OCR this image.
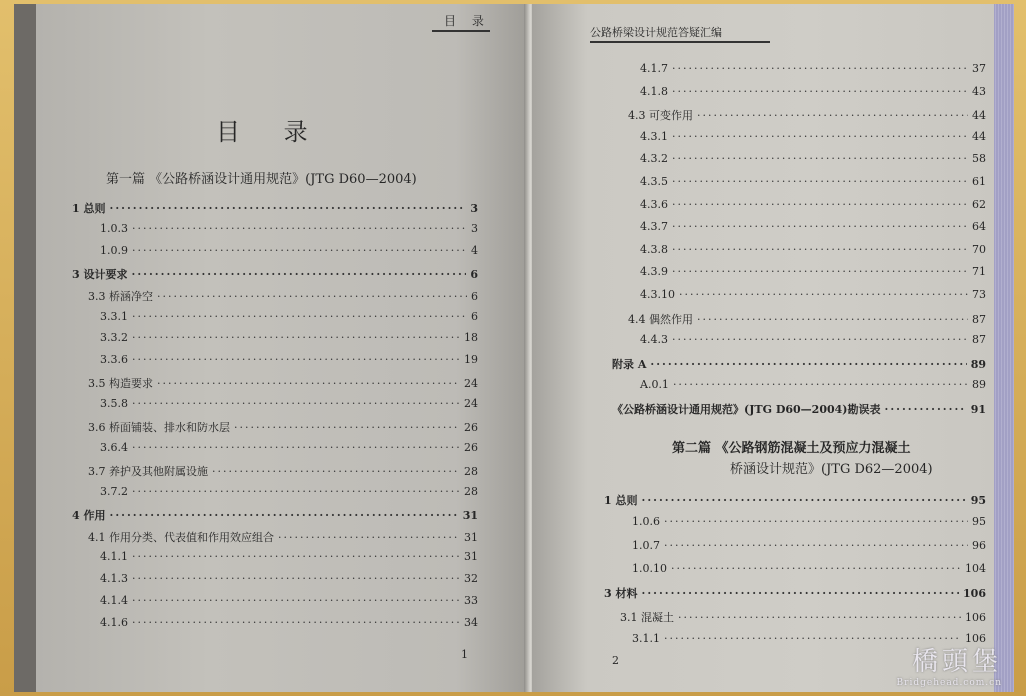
目 录
目 录
第一篇 《公路桥涵设计通用规范》(JTG D60—2004)
1 总则 ·····	3
1.0.3 ·····	3
1.0.9 ·····	4
3 设计要求 ·····	6
3.3 桥涵净空 ·····	6
3.3.1 ·····	6
3.3.2 ·····	18
3.3.6 ·····	19
3.5 构造要求 ·····	24
3.5.8 ·····	24
3.6 桥面铺装、排水和防水层 ·····	26
3.6.4 ·····	26
3.7 养护及其他附属设施 ·····	28
3.7.2 ·····	28
4 作用 ·····	31
4.1 作用分类、代表值和作用效应组合 ·····	31
4.1.1 ·····	31
4.1.3 ·····	32
4.1.4 ·····	33
4.1.6 ·····	34
1
公路桥梁设计规范答疑汇编
4.1.7 ·····	37
4.1.8 ·····	43
4.3 可变作用 ·····	44
4.3.1 ·····	44
4.3.2 ·····	58
4.3.5 ·····	61
4.3.6 ·····	62
4.3.7 ·····	64
4.3.8 ·····	70
4.3.9 ·····	71
4.3.10 ·····	73
4.4 偶然作用 ·····	87
4.4.3 ·····	87
附录 A ·····	89
A.0.1 ·····	89
《公路桥涵设计通用规范》(JTG D60—2004)勘误表 ·····	91
第二篇 《公路钢筋混凝土及预应力混凝土
桥涵设计规范》(JTG D62—2004)
1 总则 ·····	95
1.0.6 ·····	95
1.0.7 ·····	96
1.0.10 ·····	104
3 材料 ·····	106
3.1 混凝土 ·····	106
3.1.1 ·····	106
2	橋頭堡
Bridgehead.com.cn
